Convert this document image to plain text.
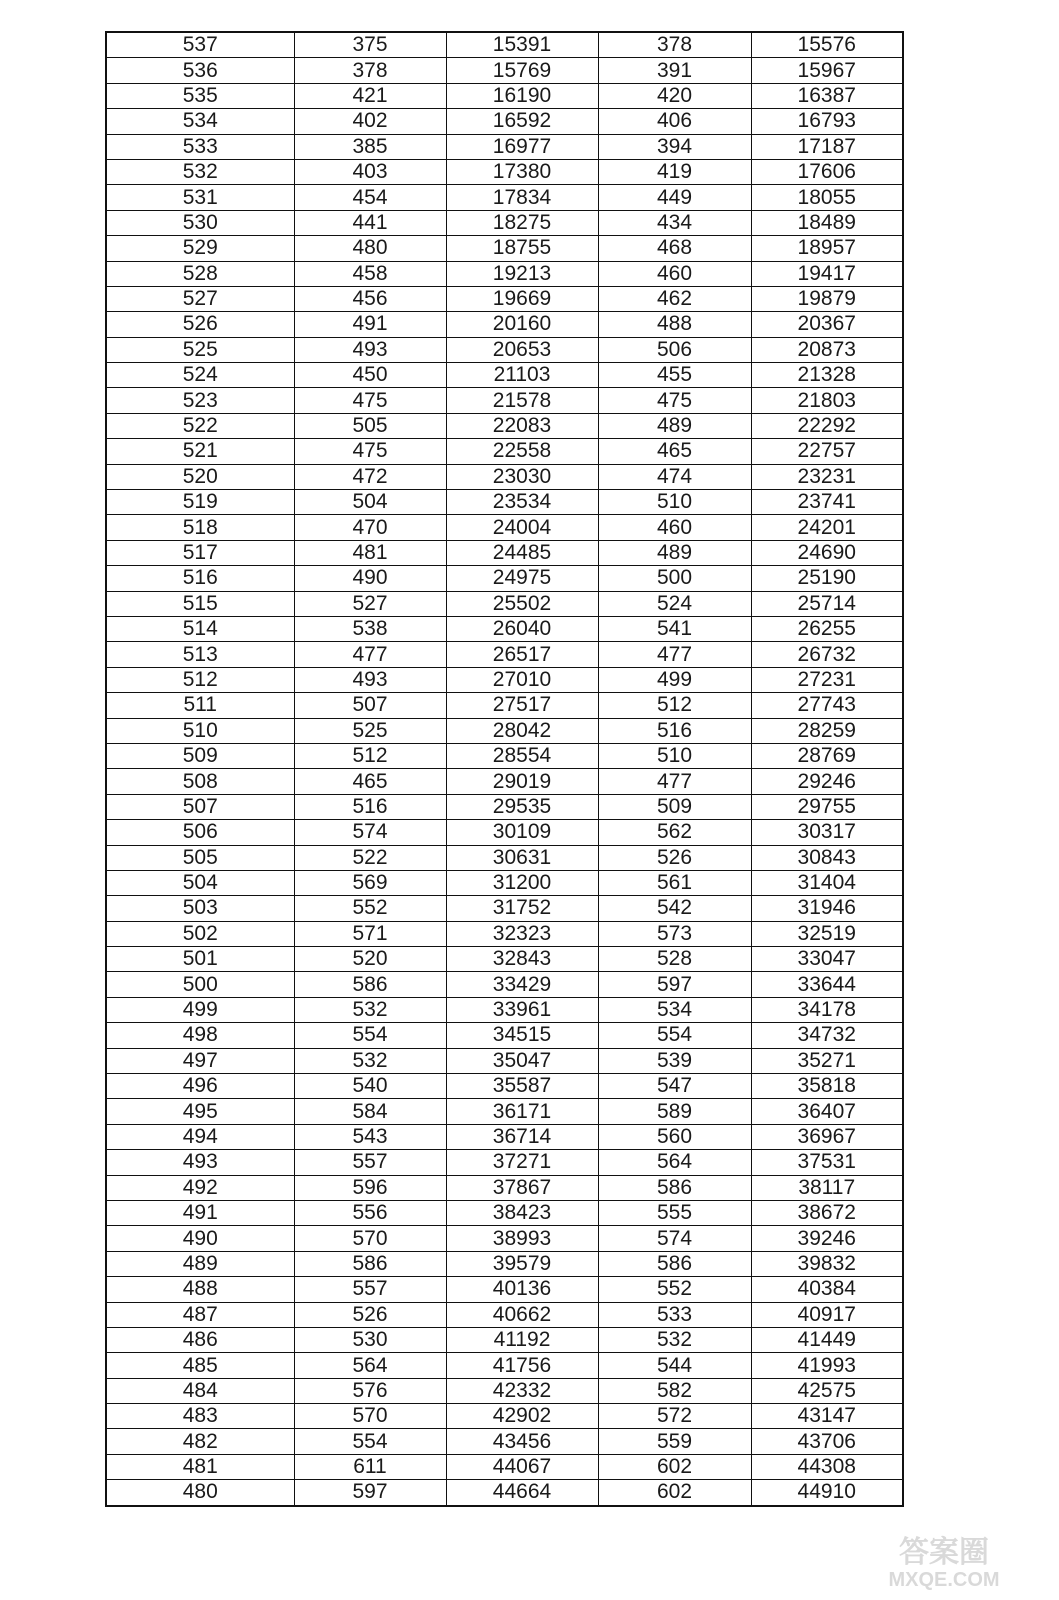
537	375	15391	378	15576
536	378	15769	391	15967
535	421	16190	420	16387
534	402	16592	406	16793
533	385	16977	394	17187
532	403	17380	419	17606
531	454	17834	449	18055
530	441	18275	434	18489
529	480	18755	468	18957
528	458	19213	460	19417
527	456	19669	462	19879
526	491	20160	488	20367
525	493	20653	506	20873
524	450	21103	455	21328
523	475	21578	475	21803
522	505	22083	489	22292
521	475	22558	465	22757
520	472	23030	474	23231
519	504	23534	510	23741
518	470	24004	460	24201
517	481	24485	489	24690
516	490	24975	500	25190
515	527	25502	524	25714
514	538	26040	541	26255
513	477	26517	477	26732
512	493	27010	499	27231
511	507	27517	512	27743
510	525	28042	516	28259
509	512	28554	510	28769
508	465	29019	477	29246
507	516	29535	509	29755
506	574	30109	562	30317
505	522	30631	526	30843
504	569	31200	561	31404
503	552	31752	542	31946
502	571	32323	573	32519
501	520	32843	528	33047
500	586	33429	597	33644
499	532	33961	534	34178
498	554	34515	554	34732
497	532	35047	539	35271
496	540	35587	547	35818
495	584	36171	589	36407
494	543	36714	560	36967
493	557	37271	564	37531
492	596	37867	586	38117
491	556	38423	555	38672
490	570	38993	574	39246
489	586	39579	586	39832
488	557	40136	552	40384
487	526	40662	533	40917
486	530	41192	532	41449
485	564	41756	544	41993
484	576	42332	582	42575
483	570	42902	572	43147
482	554	43456	559	43706
481	611	44067	602	44308
480	597	44664	602	44910
答案圈
MXQE.COM
